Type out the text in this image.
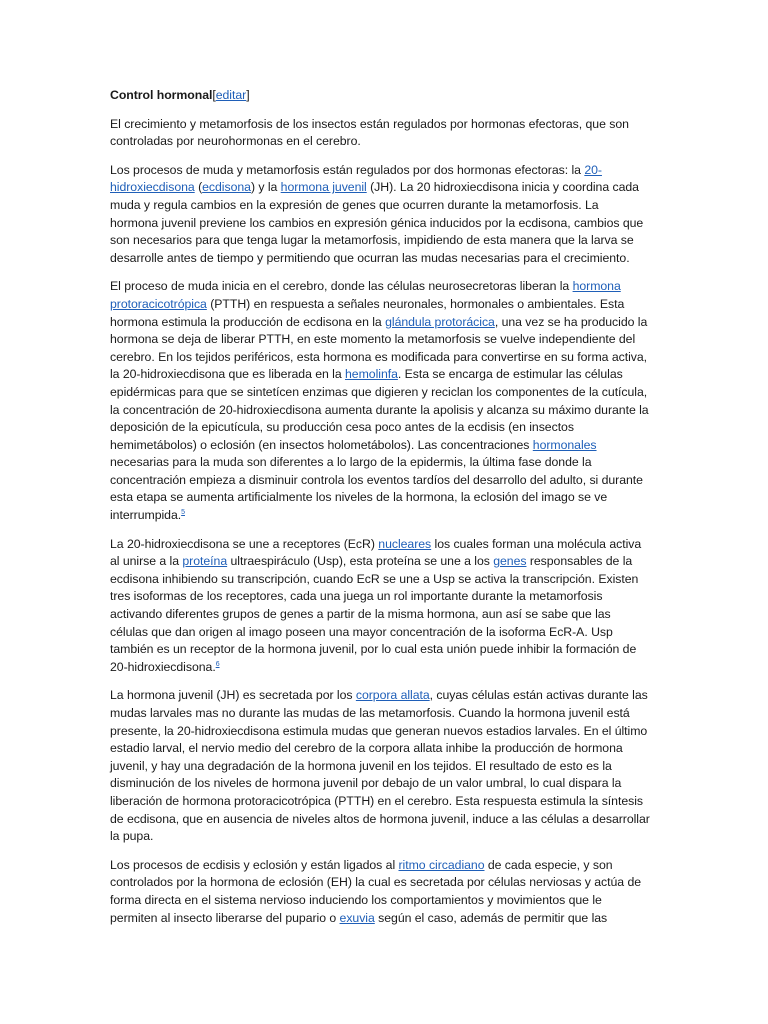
Control hormonal[editar]

El crecimiento y metamorfosis de los insectos están regulados por hormonas efectoras, que son controladas por neurohormonas en el cerebro.

Los procesos de muda y metamorfosis están regulados por dos hormonas efectoras: la 20-hidroxiecdisona (ecdisona) y la hormona juvenil (JH). La 20 hidroxiecdisona inicia y coordina cada muda y regula cambios en la expresión de genes que ocurren durante la metamorfosis. La hormona juvenil previene los cambios en expresión génica inducidos por la ecdisona, cambios que son necesarios para que tenga lugar la metamorfosis, impidiendo de esta manera que la larva se desarrolle antes de tiempo y permitiendo que ocurran las mudas necesarias para el crecimiento.

El proceso de muda inicia en el cerebro, donde las células neurosecretoras liberan la hormona protoracicotrópica (PTTH) en respuesta a señales neuronales, hormonales o ambientales. Esta hormona estimula la producción de ecdisona en la glándula protorácica, una vez se ha producido la hormona se deja de liberar PTTH, en este momento la metamorfosis se vuelve independiente del cerebro. En los tejidos periféricos, esta hormona es modificada para convertirse en su forma activa, la 20-hidroxiecdisona que es liberada en la hemolinfa. Esta se encarga de estimular las células epidérmicas para que se sintetícen enzimas que digieren y reciclan los componentes de la cutícula, la concentración de 20-hidroxiecdisona aumenta durante la apolisis y alcanza su máximo durante la deposición de la epicutícula, su producción cesa poco antes de la ecdisis (en insectos hemimetábolos) o eclosión (en insectos holometábolos). Las concentraciones hormonales necesarias para la muda son diferentes a lo largo de la epidermis, la última fase donde la concentración empieza a disminuir controla los eventos tardíos del desarrollo del adulto, si durante esta etapa se aumenta artificialmente los niveles de la hormona, la eclosión del imago se ve interrumpida.$^5$

La 20-hidroxiecdisona se une a receptores (EcR) nucleares los cuales forman una molécula activa al unirse a la proteína ultraespiráculo (Usp), esta proteína se une a los genes responsables de la ecdisona inhibiendo su transcripción, cuando EcR se une a Usp se activa la transcripción. Existen tres isoformas de los receptores, cada una juega un rol importante durante la metamorfosis activando diferentes grupos de genes a partir de la misma hormona, aun así se sabe que las células que dan origen al imago poseen una mayor concentración de la isoforma EcR-A. Usp también es un receptor de la hormona juvenil, por lo cual esta unión puede inhibir la formación de 20-hidroxiecdisona.$^6$

La hormona juvenil (JH) es secretada por los corpora allata, cuyas células están activas durante las mudas larvales mas no durante las mudas de las metamorfosis. Cuando la hormona juvenil está presente, la 20-hidroxiecdisona estimula mudas que generan nuevos estadios larvales. En el último estadio larval, el nervio medio del cerebro de la corpora allata inhibe la producción de hormona juvenil, y hay una degradación de la hormona juvenil en los tejidos. El resultado de esto es la disminución de los niveles de hormona juvenil por debajo de un valor umbral, lo cual dispara la liberación de hormona protoracicotrópica (PTTH) en el cerebro. Esta respuesta estimula la síntesis de ecdisona, que en ausencia de niveles altos de hormona juvenil, induce a las células a desarrollar la pupa.

Los procesos de ecdisis y eclosión y están ligados al ritmo circadiano de cada especie, y son controlados por la hormona de eclosión (EH) la cual es secretada por células nerviosas y actúa de forma directa en el sistema nervioso induciendo los comportamientos y movimientos que le permiten al insecto liberarse del pupario o exuvia según el caso, además de permitir que las
